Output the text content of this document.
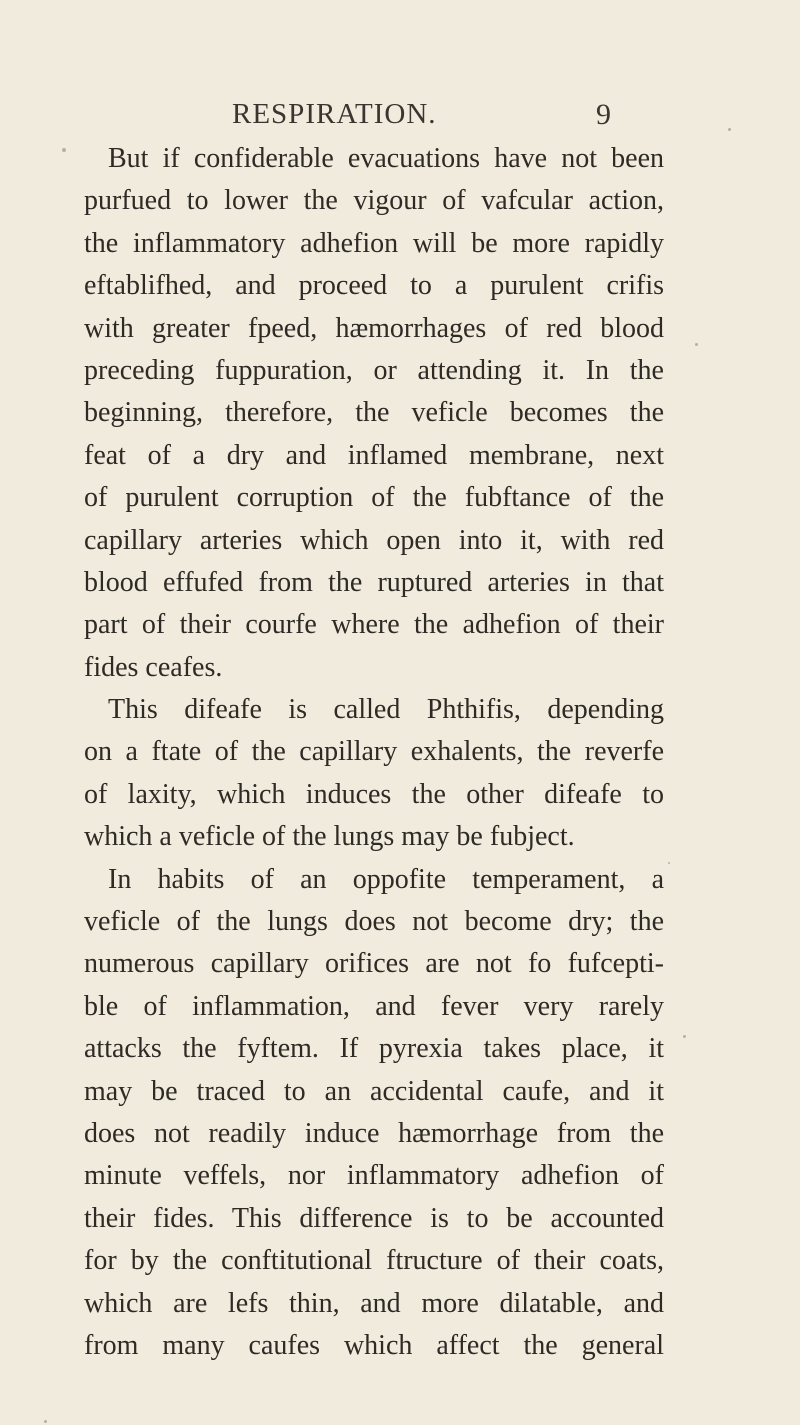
RESPIRATION.	9
But if confiderable evacuations have not been
purfued to lower the vigour of vafcular action,
the inflammatory adhefion will be more rapidly
eftablifhed, and proceed to a purulent crifis
with greater fpeed, hæmorrhages of red blood
preceding fuppuration, or attending it. In the
beginning, therefore, the veficle becomes the
feat of a dry and inflamed membrane, next
of purulent corruption of the fubftance of the
capillary arteries which open into it, with red
blood effufed from the ruptured arteries in that
part of their courfe where the adhefion of their
fides ceafes.
This difeafe is called Phthifis, depending
on a ftate of the capillary exhalents, the reverfe
of laxity, which induces the other difeafe to
which a veficle of the lungs may be fubject.
In habits of an oppofite temperament, a
veficle of the lungs does not become dry; the
numerous capillary orifices are not fo fufcepti-
ble of inflammation, and fever very rarely
attacks the fyftem. If pyrexia takes place, it
may be traced to an accidental caufe, and it
does not readily induce hæmorrhage from the
minute veffels, nor inflammatory adhefion of
their fides. This difference is to be accounted
for by the conftitutional ftructure of their coats,
which are lefs thin, and more dilatable, and
from many caufes which affect the general
